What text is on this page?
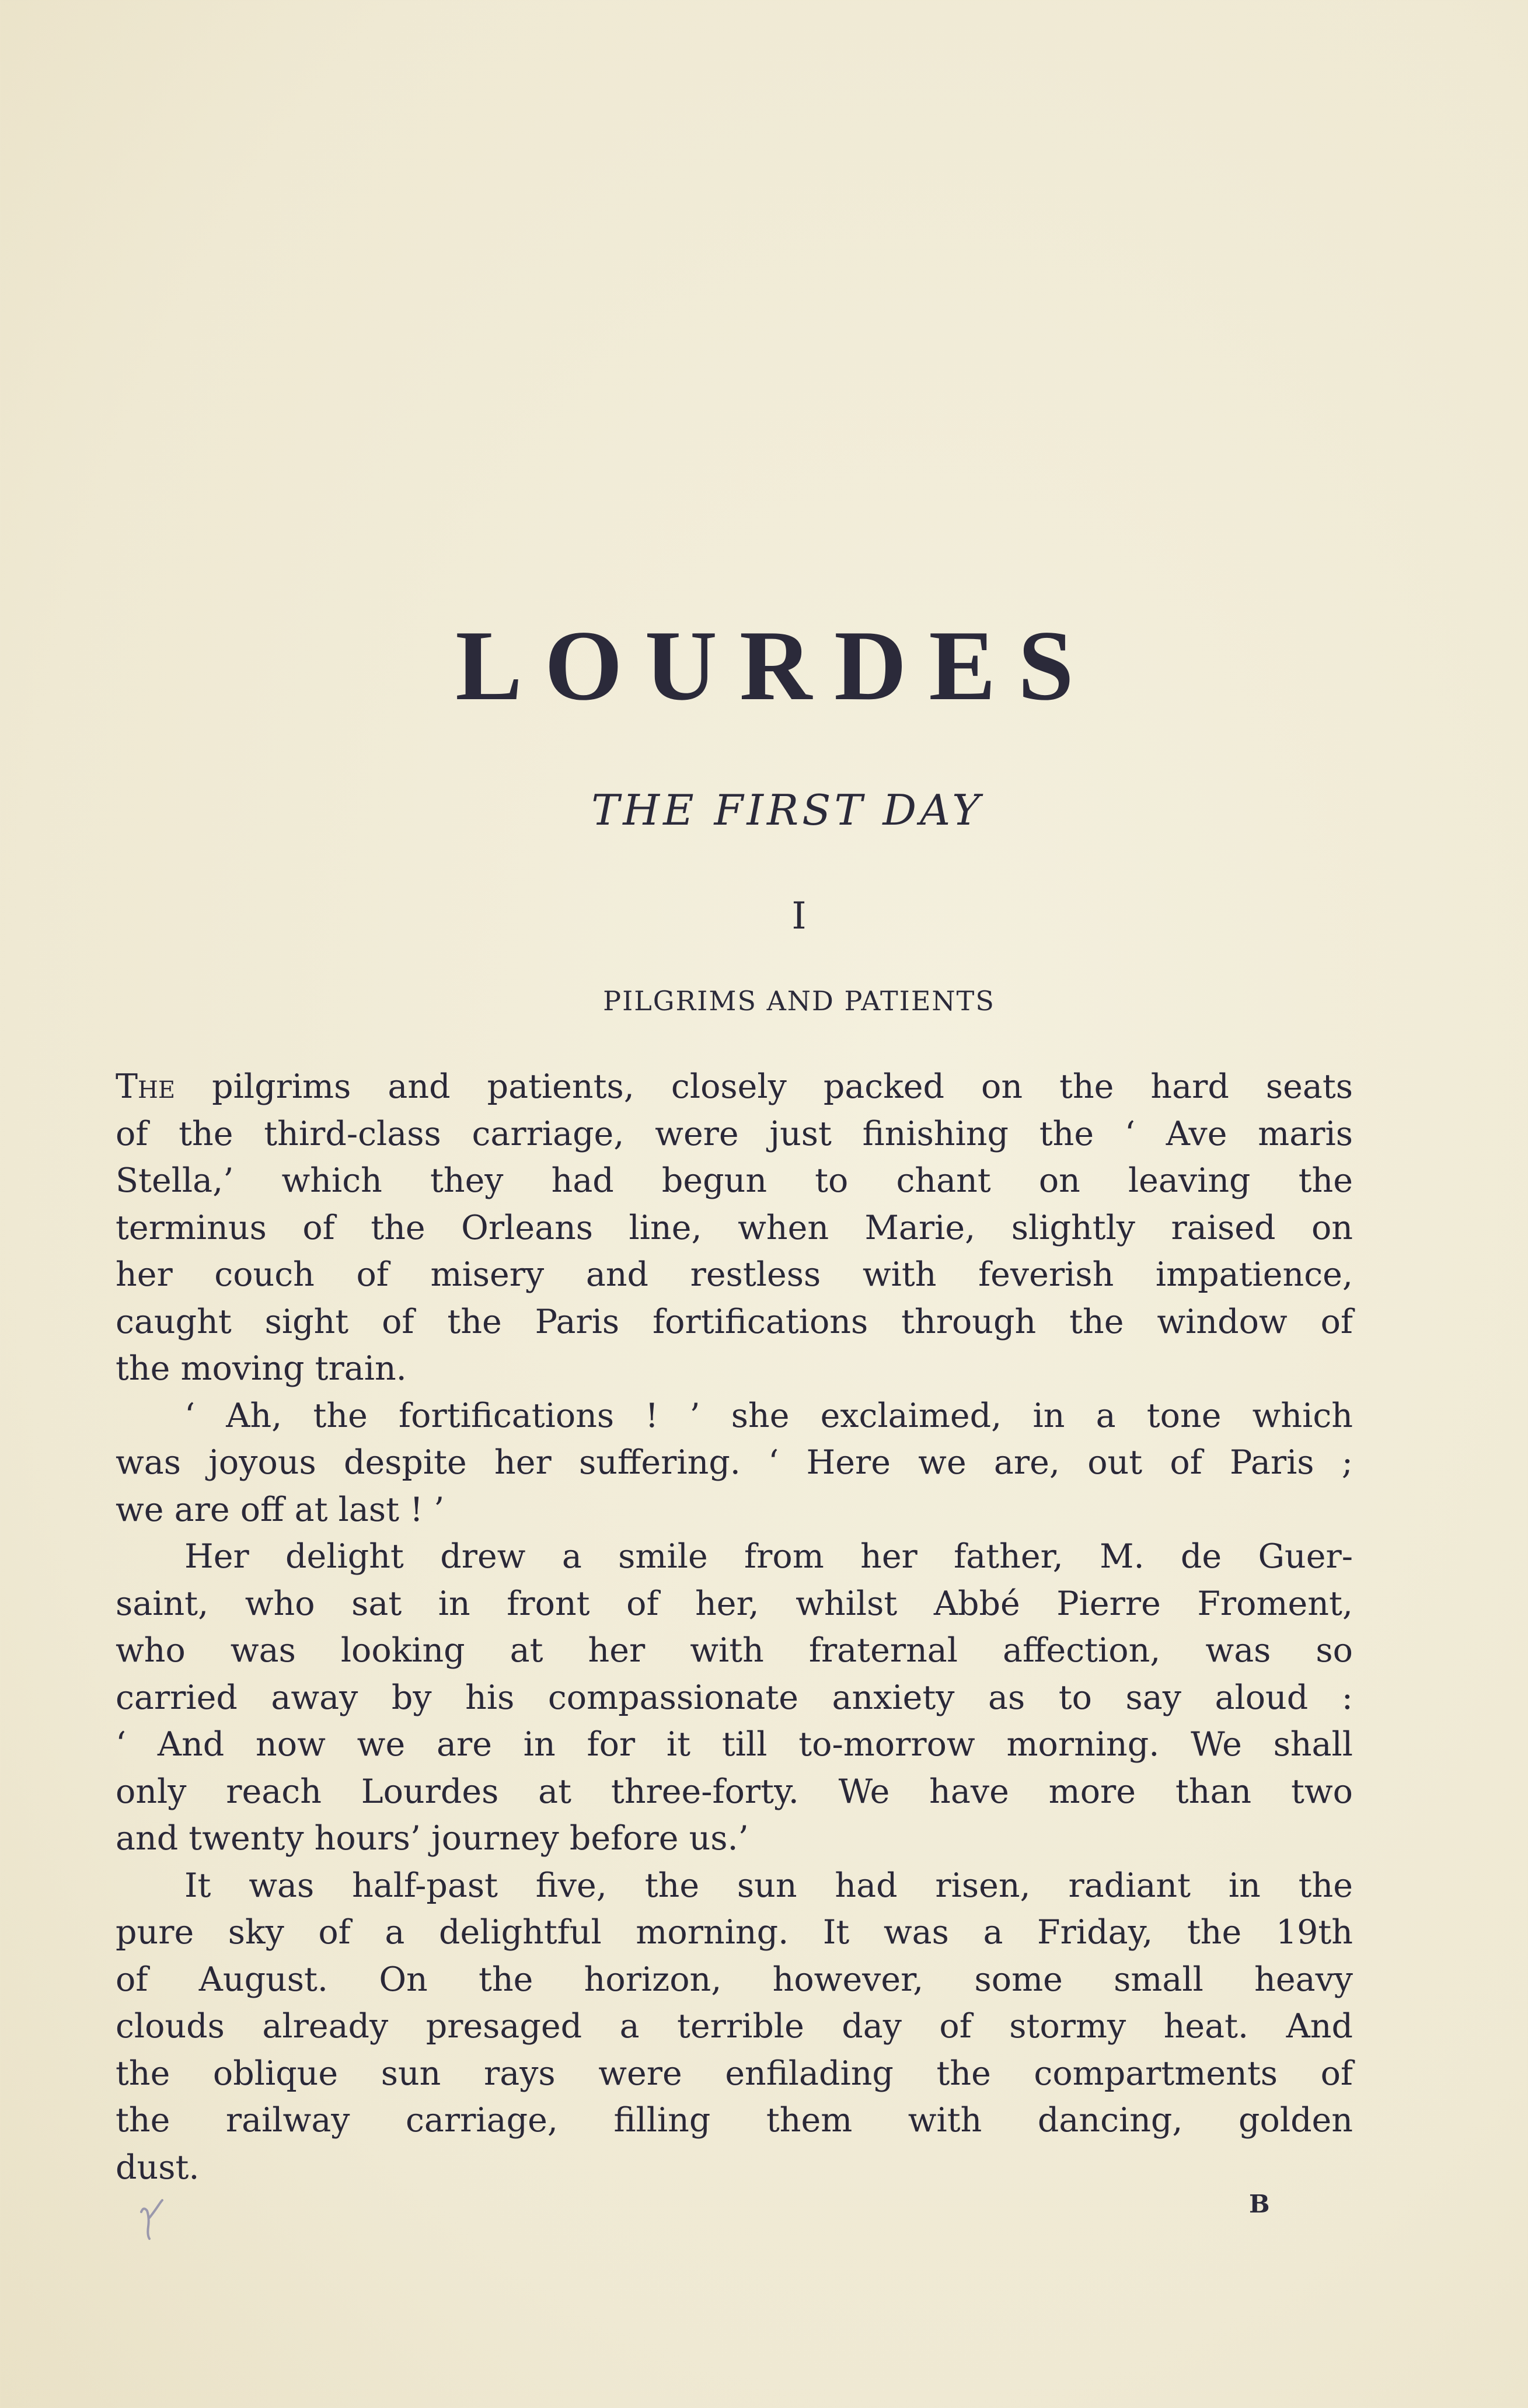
LOURDES
THE FIRST DAY
I
PILGRIMS AND PATIENTS
The pilgrims and patients, closely packed on the hard seats
of the third-class carriage, were just finishing the ‘ Ave maris
Stella,’ which they had begun to chant on leaving the
terminus of the Orleans line, when Marie, slightly raised on
her couch of misery and restless with feverish impatience,
caught sight of the Paris fortifications through the window of
the moving train.
‘ Ah, the fortifications ! ’ she exclaimed, in a tone which
was joyous despite her suffering. ‘ Here we are, out of Paris ;
we are off at last ! ’
Her delight drew a smile from her father, M. de Guer-
saint, who sat in front of her, whilst Abbé Pierre Froment,
who was looking at her with fraternal affection, was so
carried away by his compassionate anxiety as to say aloud :
‘ And now we are in for it till to-morrow morning. We shall
only reach Lourdes at three-forty. We have more than two
and twenty hours’ journey before us.’
It was half-past five, the sun had risen, radiant in the
pure sky of a delightful morning. It was a Friday, the 19th
of August. On the horizon, however, some small heavy
clouds already presaged a terrible day of stormy heat. And
the oblique sun rays were enfilading the compartments of
the railway carriage, filling them with dancing, golden
dust.
B
